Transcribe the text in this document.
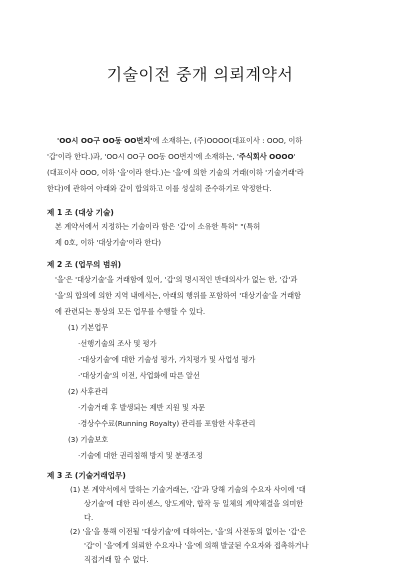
기술이전 중개 의뢰계약서
'OO시 OO구 OO동 OO번지'에 소재하는, (주)OOOO(대표이사 : OOO, 이하
'갑'이라 한다.)과, 'OO시 OO구 OO동 OO번지'에 소재하는, '주식회사 OOOO'
(대표이사 OOO, 이하 '을'이라 한다.)는 '을'에 의한 기술의 거래(이하 '기술거래'라
한다)에 관하여 아래와 같이 합의하고 이를 성실히 준수하기로 약정한다.
제 1 조 (대상 기술)
본 계약서에서 지정하는 기술이라 함은 '갑'이 소유한 특허" "(특허
제 0호, 이하 '대상기술'이라 한다)
제 2 조 (업무의 범위)
'을'은 '대상기술'을 거래함에 있어, '갑'의 명시적인 반대의사가 없는 한, '갑'과
'을'의 합의에 의한 지역 내에서는, 아래의 행위를 포함하여 '대상기술'을 거래함
에 관련되는 통상의 모든 업무를 수행할 수 있다.
(1) 기본업무
·선행기술의 조사 및 평가
·'대상기술'에 대한 기술성 평가, 가치평가 및 사업성 평가
·'대상기술'의 이전, 사업화에 따른 알선
(2) 사후관리
·기술거래 후 발생되는 제반 지원 및 자문
·경상수수료(Running Royalty) 관리를 포함한 사후관리
(3) 기술보호
·기술에 대한 권리침해 방지 및 분쟁조정
제 3 조 (기술거래업무)
(1) 본 계약서에서 말하는 기술거래는, '갑'과 당해 기술의 수요자 사이에 '대
상기술'에 대한 라이센스, 양도계약, 합작 등 일체의 계약체결을 의미한
다.
(2) '을'을 통해 이전될 '대상기술'에 대하여는, '을'의 사전동의 없이는 '갑'은
'갑'이 '을'에게 의뢰한 수요자나 '을'에 의해 발굴된 수요자와 접촉하거나
직접거래 할 수 없다.
